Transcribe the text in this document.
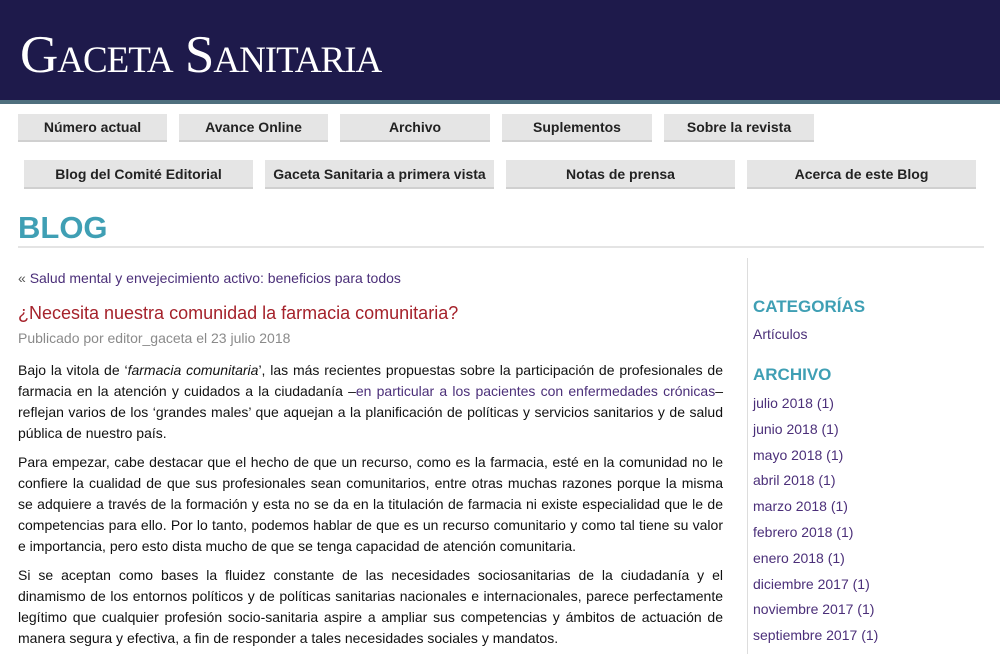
Gaceta Sanitaria
Número actual	Avance Online	Archivo	Suplementos	Sobre la revista
Blog del Comité Editorial	Gaceta Sanitaria a primera vista	Notas de prensa	Acerca de este Blog
BLOG
« Salud mental y envejecimiento activo: beneficios para todos
¿Necesita nuestra comunidad la farmacia comunitaria?
Publicado por editor_gaceta el 23 julio 2018

Bajo la vitola de ‘farmacia comunitaria’, las más recientes propuestas sobre la participación de profesionales de farmacia en la atención y cuidados a la ciudadanía –en particular a los pacientes con enfermedades crónicas– reflejan varios de los ‘grandes males’ que aquejan a la planificación de políticas y servicios sanitarios y de salud pública de nuestro país.

Para empezar, cabe destacar que el hecho de que un recurso, como es la farmacia, esté en la comunidad no le confiere la cualidad de que sus profesionales sean comunitarios, entre otras muchas razones porque la misma se adquiere a través de la formación y esta no se da en la titulación de farmacia ni existe especialidad que le de competencias para ello. Por lo tanto, podemos hablar de que es un recurso comunitario y como tal tiene su valor e importancia, pero esto dista mucho de que se tenga capacidad de atención comunitaria.

Si se aceptan como bases la fluidez constante de las necesidades sociosanitarias de la ciudadanía y el dinamismo de los entornos políticos y de políticas sanitarias nacionales e internacionales, parece perfectamente legítimo que cualquier profesión socio-sanitaria aspire a ampliar sus competencias y ámbitos de actuación de manera segura y efectiva, a fin de responder a tales necesidades sociales y mandatos.

CATEGORÍAS
Artículos
ARCHIVO
julio 2018 (1)
junio 2018 (1)
mayo 2018 (1)
abril 2018 (1)
marzo 2018 (1)
febrero 2018 (1)
enero 2018 (1)
diciembre 2017 (1)
noviembre 2017 (1)
septiembre 2017 (1)
